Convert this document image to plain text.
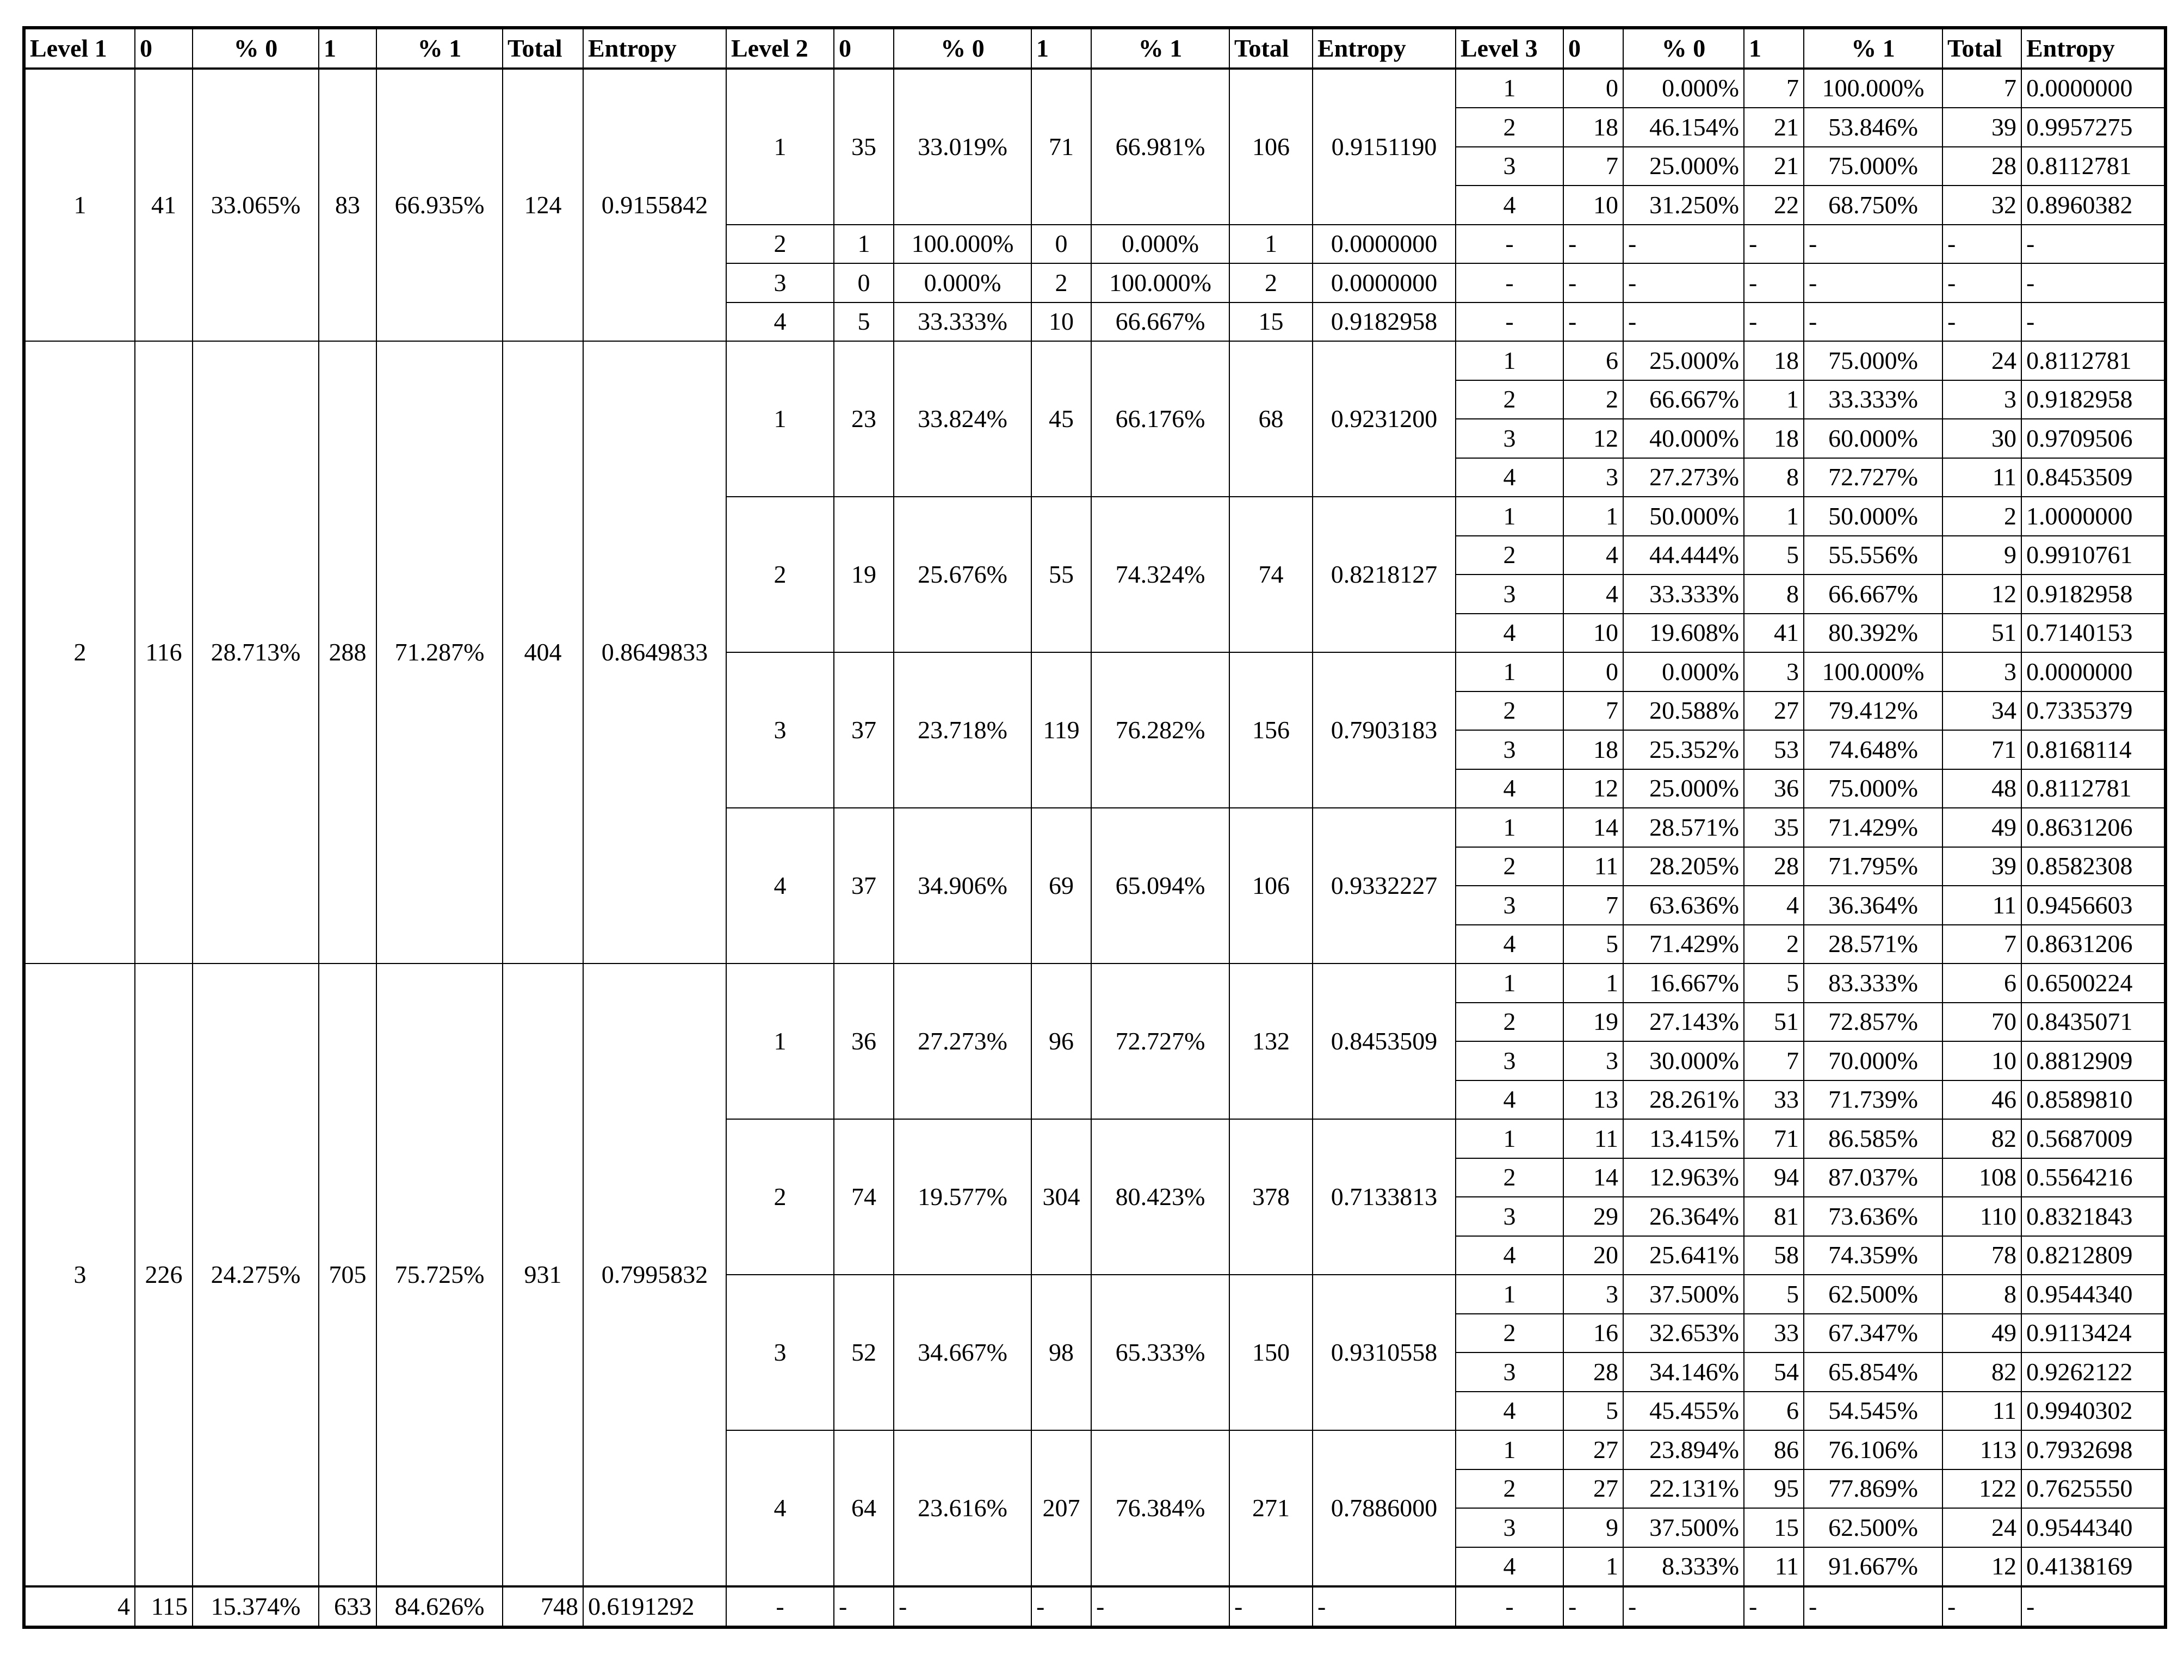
Level 1	0	% 0	1	% 1	Total	Entropy	Level 2	0	% 0	1	% 1	Total	Entropy	Level 3	0	% 0	1	% 1	Total	Entropy
1	41	33.065%	83	66.935%	124	0.9155842	1	35	33.019%	71	66.981%	106	0.9151190	1	0	0.000%	7	100.000%	7	0.0000000
														2	18	46.154%	21	53.846%	39	0.9957275
														3	7	25.000%	21	75.000%	28	0.8112781
														4	10	31.250%	22	68.750%	32	0.8960382
							2	1	100.000%	0	0.000%	1	0.0000000	-	-	-	-	-	-	-
							3	0	0.000%	2	100.000%	2	0.0000000	-	-	-	-	-	-	-
							4	5	33.333%	10	66.667%	15	0.9182958	-	-	-	-	-	-	-
2	116	28.713%	288	71.287%	404	0.8649833	1	23	33.824%	45	66.176%	68	0.9231200	1	6	25.000%	18	75.000%	24	0.8112781
														2	2	66.667%	1	33.333%	3	0.9182958
														3	12	40.000%	18	60.000%	30	0.9709506
														4	3	27.273%	8	72.727%	11	0.8453509
							2	19	25.676%	55	74.324%	74	0.8218127	1	1	50.000%	1	50.000%	2	1.0000000
														2	4	44.444%	5	55.556%	9	0.9910761
														3	4	33.333%	8	66.667%	12	0.9182958
														4	10	19.608%	41	80.392%	51	0.7140153
							3	37	23.718%	119	76.282%	156	0.7903183	1	0	0.000%	3	100.000%	3	0.0000000
														2	7	20.588%	27	79.412%	34	0.7335379
														3	18	25.352%	53	74.648%	71	0.8168114
														4	12	25.000%	36	75.000%	48	0.8112781
							4	37	34.906%	69	65.094%	106	0.9332227	1	14	28.571%	35	71.429%	49	0.8631206
														2	11	28.205%	28	71.795%	39	0.8582308
														3	7	63.636%	4	36.364%	11	0.9456603
														4	5	71.429%	2	28.571%	7	0.8631206
3	226	24.275%	705	75.725%	931	0.7995832	1	36	27.273%	96	72.727%	132	0.8453509	1	1	16.667%	5	83.333%	6	0.6500224
														2	19	27.143%	51	72.857%	70	0.8435071
														3	3	30.000%	7	70.000%	10	0.8812909
														4	13	28.261%	33	71.739%	46	0.8589810
							2	74	19.577%	304	80.423%	378	0.7133813	1	11	13.415%	71	86.585%	82	0.5687009
														2	14	12.963%	94	87.037%	108	0.5564216
														3	29	26.364%	81	73.636%	110	0.8321843
														4	20	25.641%	58	74.359%	78	0.8212809
							3	52	34.667%	98	65.333%	150	0.9310558	1	3	37.500%	5	62.500%	8	0.9544340
														2	16	32.653%	33	67.347%	49	0.9113424
														3	28	34.146%	54	65.854%	82	0.9262122
														4	5	45.455%	6	54.545%	11	0.9940302
							4	64	23.616%	207	76.384%	271	0.7886000	1	27	23.894%	86	76.106%	113	0.7932698
														2	27	22.131%	95	77.869%	122	0.7625550
														3	9	37.500%	15	62.500%	24	0.9544340
														4	1	8.333%	11	91.667%	12	0.4138169
4	115	15.374%	633	84.626%	748	0.6191292	-	-	-	-	-	-	-	-	-	-	-	-	-	-
